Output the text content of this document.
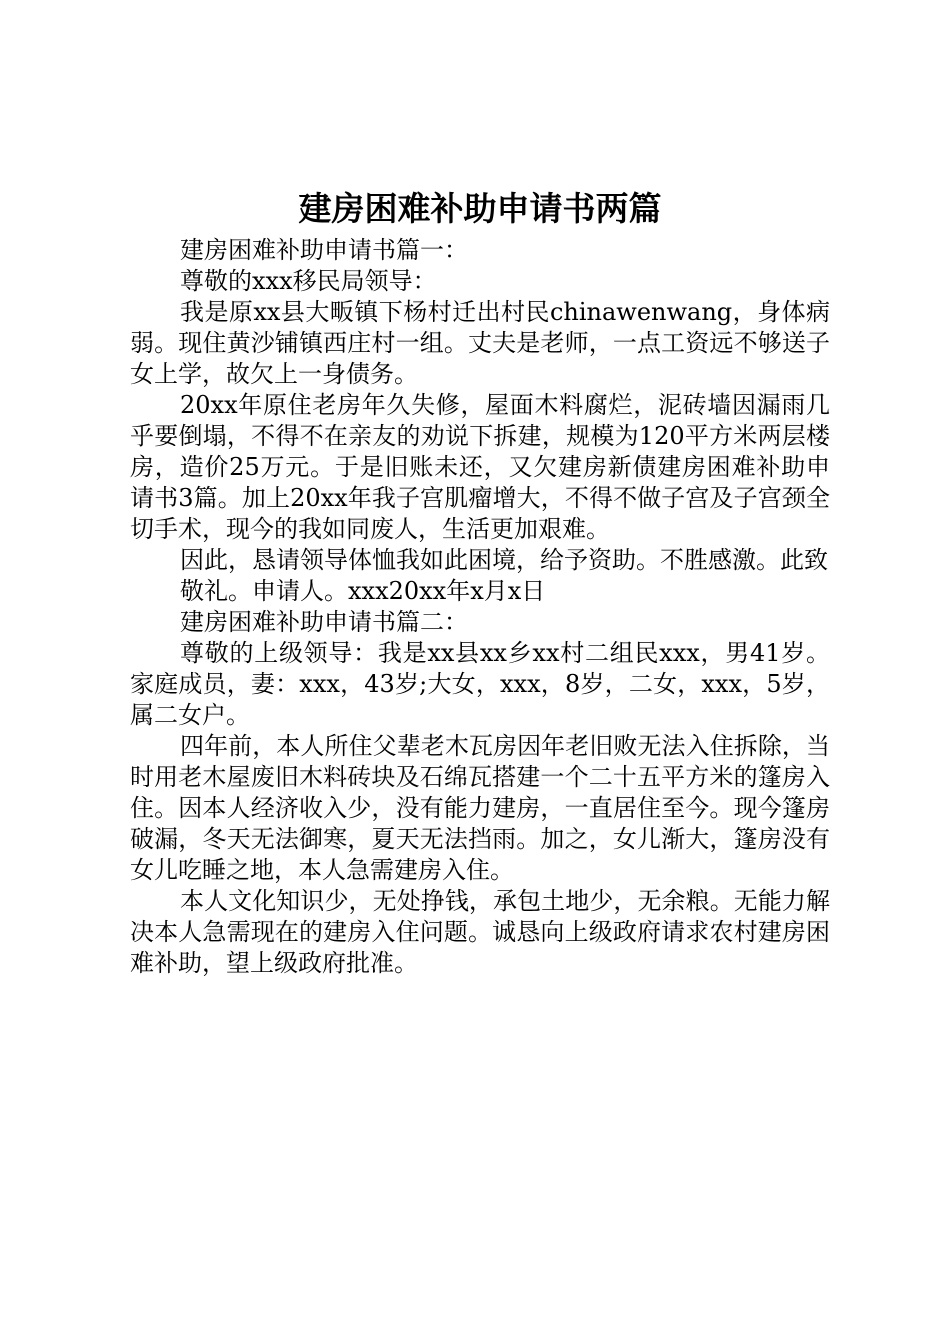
建房困难补助申请书两篇

建房困难补助申请书篇一：

尊敬的xxx移民局领导：

我是原xx县大畈镇下杨村迁出村民chinawenwang，身体病弱。现住黄沙铺镇西庄村一组。丈夫是老师，一点工资远不够送子女上学，故欠上一身债务。

20xx年原住老房年久失修，屋面木料腐烂，泥砖墙因漏雨几乎要倒塌，不得不在亲友的劝说下拆建，规模为120平方米两层楼房，造价25万元。于是旧账未还，又欠建房新债建房困难补助申请书3篇。加上20xx年我子宫肌瘤增大，不得不做子宫及子宫颈全切手术，现今的我如同废人，生活更加艰难。

因此，恳请领导体恤我如此困境，给予资助。不胜感激。此致

敬礼。申请人。xxx20xx年x月x日

建房困难补助申请书篇二：

尊敬的上级领导：我是xx县xx乡xx村二组民xxx，男41岁。家庭成员，妻：xxx，43岁;大女，xxx，8岁，二女，xxx，5岁，属二女户。

四年前，本人所住父辈老木瓦房因年老旧败无法入住拆除，当时用老木屋废旧木料砖块及石绵瓦搭建一个二十五平方米的篷房入住。因本人经济收入少，没有能力建房，一直居住至今。现今篷房破漏，冬天无法御寒，夏天无法挡雨。加之，女儿渐大，篷房没有女儿吃睡之地，本人急需建房入住。

本人文化知识少，无处挣钱，承包土地少，无余粮。无能力解决本人急需现在的建房入住问题。诚恳向上级政府请求农村建房困难补助，望上级政府批准。
